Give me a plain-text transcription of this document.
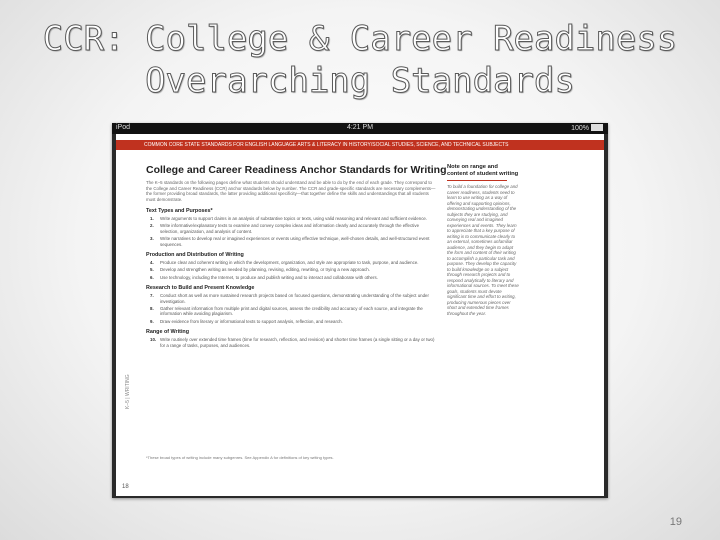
CCR: College & Career Readiness
Overarching Standards
iPod	4:21 PM	100%
COMMON CORE STATE STANDARDS FOR ENGLISH LANGUAGE ARTS & LITERACY IN HISTORY/SOCIAL STUDIES, SCIENCE, AND TECHNICAL SUBJECTS
K–5 | WRITING
18
College and Career Readiness Anchor Standards for Writing
The K–5 standards on the following pages define what students should understand and be able to do by the end of each grade. They correspond to the College and Career Readiness (CCR) anchor standards below by number. The CCR and grade-specific standards are necessary complements—the former providing broad standards, the latter providing additional specificity—that together define the skills and understandings that all students must demonstrate.
Text Types and Purposes*
1.	Write arguments to support claims in an analysis of substantive topics or texts, using valid reasoning and relevant and sufficient evidence.
2.	Write informative/explanatory texts to examine and convey complex ideas and information clearly and accurately through the effective selection, organization, and analysis of content.
3.	Write narratives to develop real or imagined experiences or events using effective technique, well-chosen details, and well-structured event sequences.
Production and Distribution of Writing
4.	Produce clear and coherent writing in which the development, organization, and style are appropriate to task, purpose, and audience.
5.	Develop and strengthen writing as needed by planning, revising, editing, rewriting, or trying a new approach.
6.	Use technology, including the Internet, to produce and publish writing and to interact and collaborate with others.
Research to Build and Present Knowledge
7.	Conduct short as well as more sustained research projects based on focused questions, demonstrating understanding of the subject under investigation.
8.	Gather relevant information from multiple print and digital sources, assess the credibility and accuracy of each source, and integrate the information while avoiding plagiarism.
9.	Draw evidence from literary or informational texts to support analysis, reflection, and research.
Range of Writing
10. Write routinely over extended time frames (time for research, reflection, and revision) and shorter time frames (a single sitting or a day or two) for a range of tasks, purposes, and audiences.
*These broad types of writing include many subgenres. See Appendix A for definitions of key writing types.
Note on range and content of student writing
To build a foundation for college and career readiness, students need to learn to use writing as a way of offering and supporting opinions, demonstrating understanding of the subjects they are studying, and conveying real and imagined experiences and events. They learn to appreciate that a key purpose of writing is to communicate clearly to an external, sometimes unfamiliar audience, and they begin to adapt the form and content of their writing to accomplish a particular task and purpose. They develop the capacity to build knowledge on a subject through research projects and to respond analytically to literary and informational sources. To meet these goals, students must devote significant time and effort to writing, producing numerous pieces over short and extended time frames throughout the year.
19
